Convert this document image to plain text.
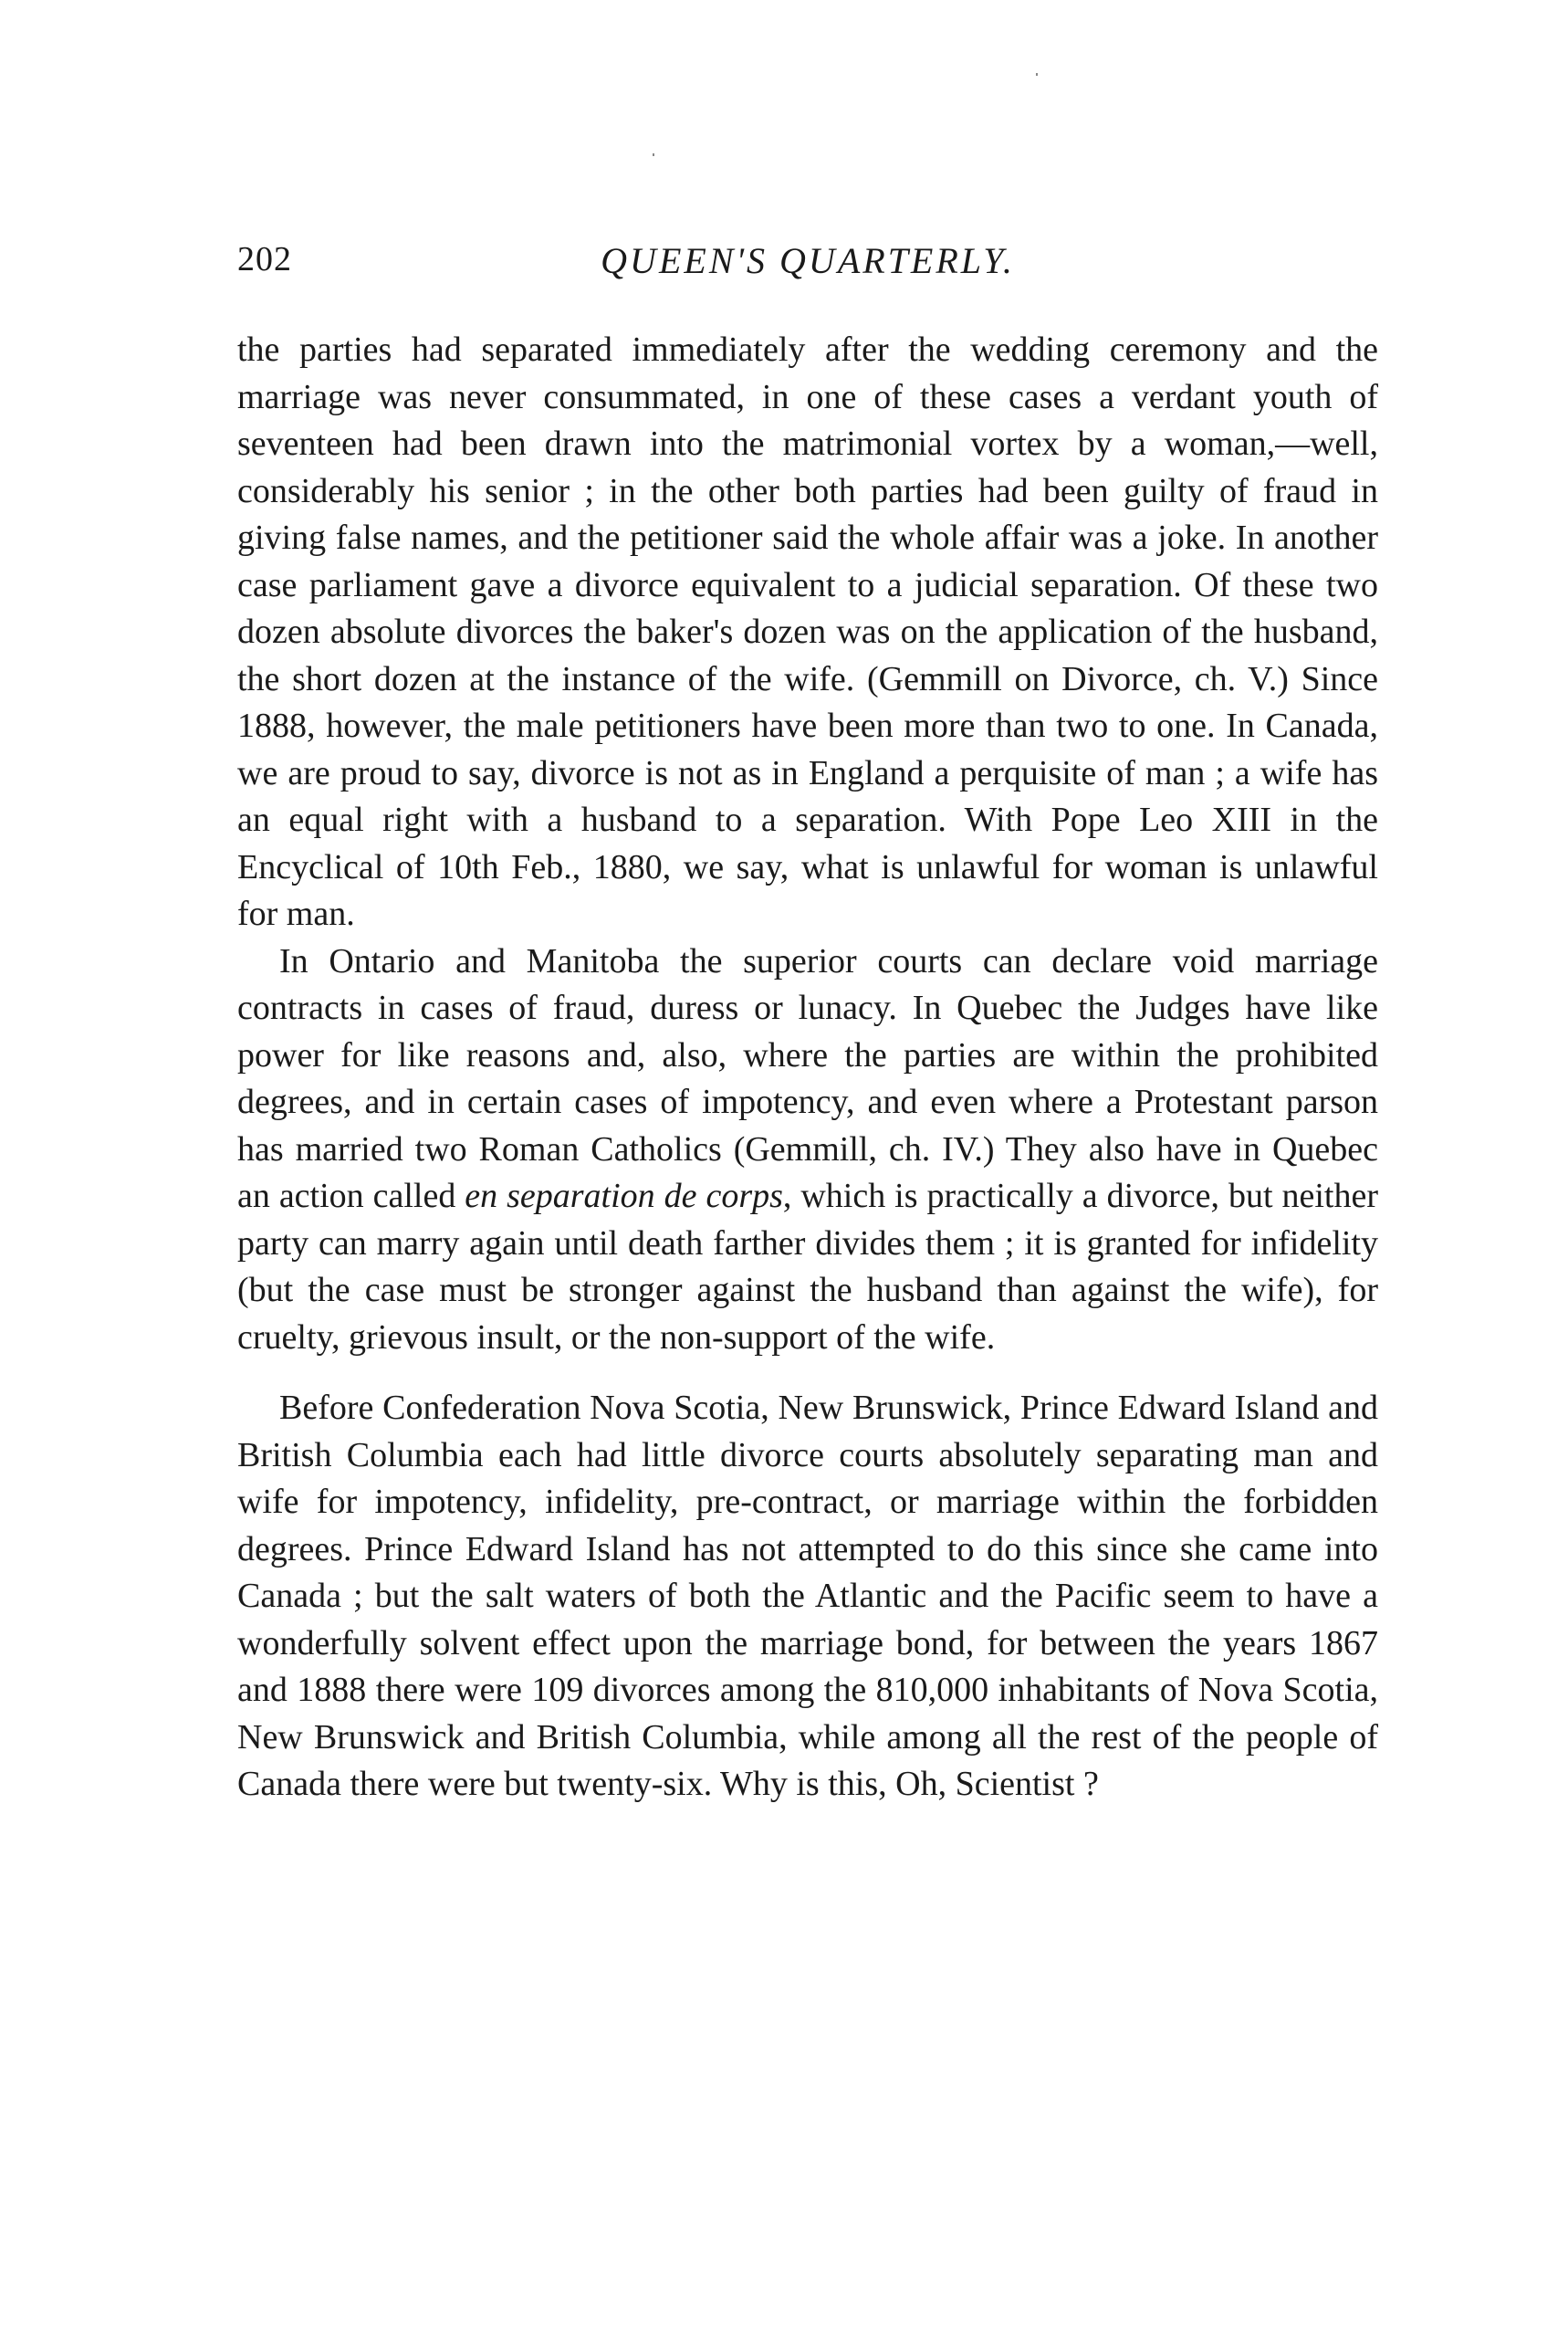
202	QUEEN'S QUARTERLY.

the parties had separated immediately after the wedding ceremony and the marriage was never consummated, in one of these cases a verdant youth of seventeen had been drawn into the matrimonial vortex by a woman,—well, considerably his senior ; in the other both parties had been guilty of fraud in giving false names, and the petitioner said the whole affair was a joke. In another case parliament gave a divorce equivalent to a judicial separation. Of these two dozen absolute divorces the baker's dozen was on the application of the husband, the short dozen at the instance of the wife. (Gemmill on Divorce, ch. V.) Since 1888, however, the male petitioners have been more than two to one. In Canada, we are proud to say, divorce is not as in England a perquisite of man ; a wife has an equal right with a husband to a separation. With Pope Leo XIII in the Encyclical of 10th Feb., 1880, we say, what is unlawful for woman is unlawful for man.

In Ontario and Manitoba the superior courts can declare void marriage contracts in cases of fraud, duress or lunacy. In Quebec the Judges have like power for like reasons and, also, where the parties are within the prohibited degrees, and in certain cases of impotency, and even where a Protestant parson has married two Roman Catholics (Gemmill, ch. IV.) They also have in Quebec an action called en separation de corps, which is practically a divorce, but neither party can marry again until death farther divides them ; it is granted for infidelity (but the case must be stronger against the husband than against the wife), for cruelty, grievous insult, or the non-support of the wife.

Before Confederation Nova Scotia, New Brunswick, Prince Edward Island and British Columbia each had little divorce courts absolutely separating man and wife for impotency, infidelity, pre-contract, or marriage within the forbidden degrees. Prince Edward Island has not attempted to do this since she came into Canada ; but the salt waters of both the Atlantic and the Pacific seem to have a wonderfully solvent effect upon the marriage bond, for between the years 1867 and 1888 there were 109 divorces among the 810,000 inhabitants of Nova Scotia, New Brunswick and British Columbia, while among all the rest of the people of Canada there were but twenty-six. Why is this, Oh, Scientist ?
